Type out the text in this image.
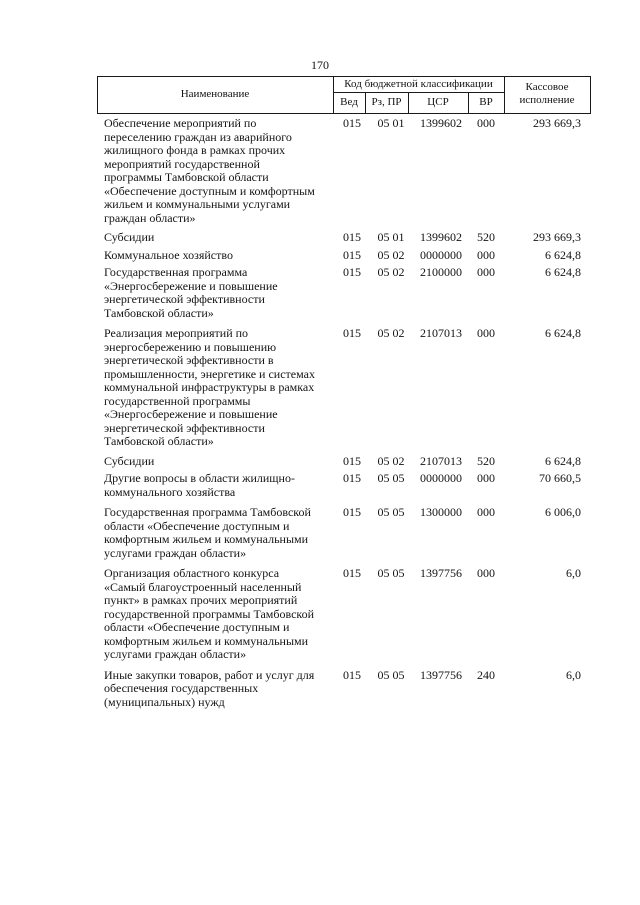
170
Наименование
Код бюджетной классификации
Вед	Рз, ПР	ЦСР	ВР
Кассовое
исполнение
Обеспечение мероприятий по
переселению граждан из аварийного
жилищного фонда в рамках прочих
мероприятий государственной
программы Тамбовской области
«Обеспечение доступным и комфортным
жильем и коммунальными услугами
граждан области»
015	05 01	1399602	000	293 669,3
Субсидии	015	05 01	1399602	520	293 669,3
Коммунальное хозяйство	015	05 02	0000000	000	6 624,8
Государственная программа
«Энергосбережение и повышение
энергетической эффективности
Тамбовской области»
015	05 02	2100000	000	6 624,8
Реализация мероприятий по
энергосбережению и повышению
энергетической эффективности в
промышленности, энергетике и системах
коммунальной инфраструктуры в рамках
государственной программы
«Энергосбережение и повышение
энергетической эффективности
Тамбовской области»
015	05 02	2107013	000	6 624,8
Субсидии	015	05 02	2107013	520	6 624,8
Другие вопросы в области жилищно-
коммунального хозяйства
015	05 05	0000000	000	70 660,5
Государственная программа Тамбовской
области «Обеспечение доступным и
комфортным жильем и коммунальными
услугами граждан области»
015	05 05	1300000	000	6 006,0
Организация областного конкурса
«Самый благоустроенный населенный
пункт» в рамках прочих мероприятий
государственной программы Тамбовской
области «Обеспечение доступным и
комфортным жильем и коммунальными
услугами граждан области»
015	05 05	1397756	000	6,0
Иные закупки товаров, работ и услуг для
обеспечения государственных
(муниципальных) нужд
015	05 05	1397756	240	6,0
